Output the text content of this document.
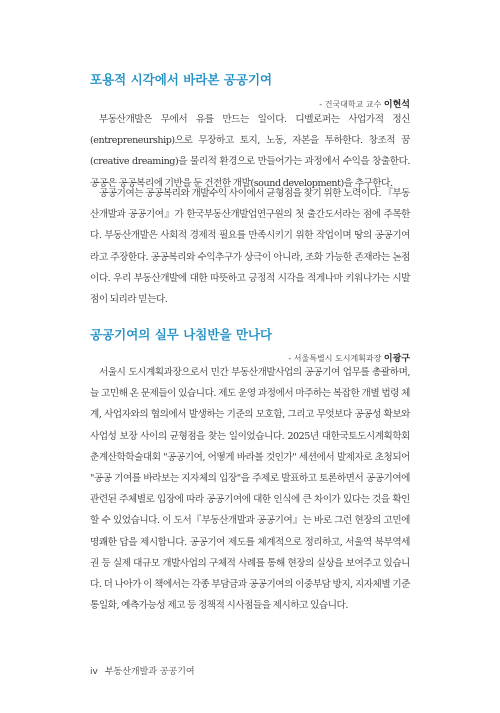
포용적 시각에서 바라본 공공기여
- 건국대학교 교수 이현석

부동산개발은 무에서 유를 만드는 일이다. 디벨로퍼는 사업가적 정신(entrepreneurship)으로 무장하고 토지, 노동, 자본을 투하한다. 창조적 꿈(creative dreaming)을 물리적 환경으로 만들어가는 과정에서 수익을 창출한다. 공공은 공공복리에 기반을 둔 건전한 개발(sound development)을 추구한다.

공공기여는 공공복리와 개발수익 사이에서 균형점을 찾기 위한 노력이다. 『부동산개발과 공공기여』가 한국부동산개발업연구원의 첫 출간도서라는 점에 주목한다. 부동산개발은 사회적 경제적 필요를 만족시키기 위한 작업이며 땅의 공공기여라고 주장한다. 공공복리와 수익추구가 상극이 아니라, 조화 가능한 존재라는 논점이다. 우리 부동산개발에 대한 따뜻하고 긍정적 시각을 적게나마 키워나가는 시발점이 되리라 믿는다.

공공기여의 실무 나침반을 만나다
- 서울특별시 도시계획과장 이광구

서울시 도시계획과장으로서 민간 부동산개발사업의 공공기여 업무를 총괄하며, 늘 고민해 온 문제들이 있습니다. 제도 운영 과정에서 마주하는 복잡한 개별 법령 체계, 사업자와의 협의에서 발생하는 기준의 모호함, 그리고 무엇보다 공공성 확보와 사업성 보장 사이의 균형점을 찾는 일이었습니다. 2025년 대한국토도시계획학회 춘계산학학술대회 "공공기여, 어떻게 바라볼 것인가" 세션에서 발제자로 초청되어 "공공 기여를 바라보는 지자체의 입장"을 주제로 발표하고 토론하면서 공공기여에 관련된 주체별로 입장에 따라 공공기여에 대한 인식에 큰 차이가 있다는 것을 확인할 수 있었습니다. 이 도서『부동산개발과 공공기여』는 바로 그런 현장의 고민에 명쾌한 답을 제시합니다. 공공기여 제도를 체계적으로 정리하고, 서울역 북부역세권 등 실제 대규모 개발사업의 구체적 사례를 통해 현장의 실상을 보여주고 있습니다. 더 나아가 이 책에서는 각종 부담금과 공공기여의 이중부담 방지, 지자체별 기준 통일화, 예측가능성 제고 등 정책적 시사점들을 제시하고 있습니다.

iv 부동산개발과 공공기여
